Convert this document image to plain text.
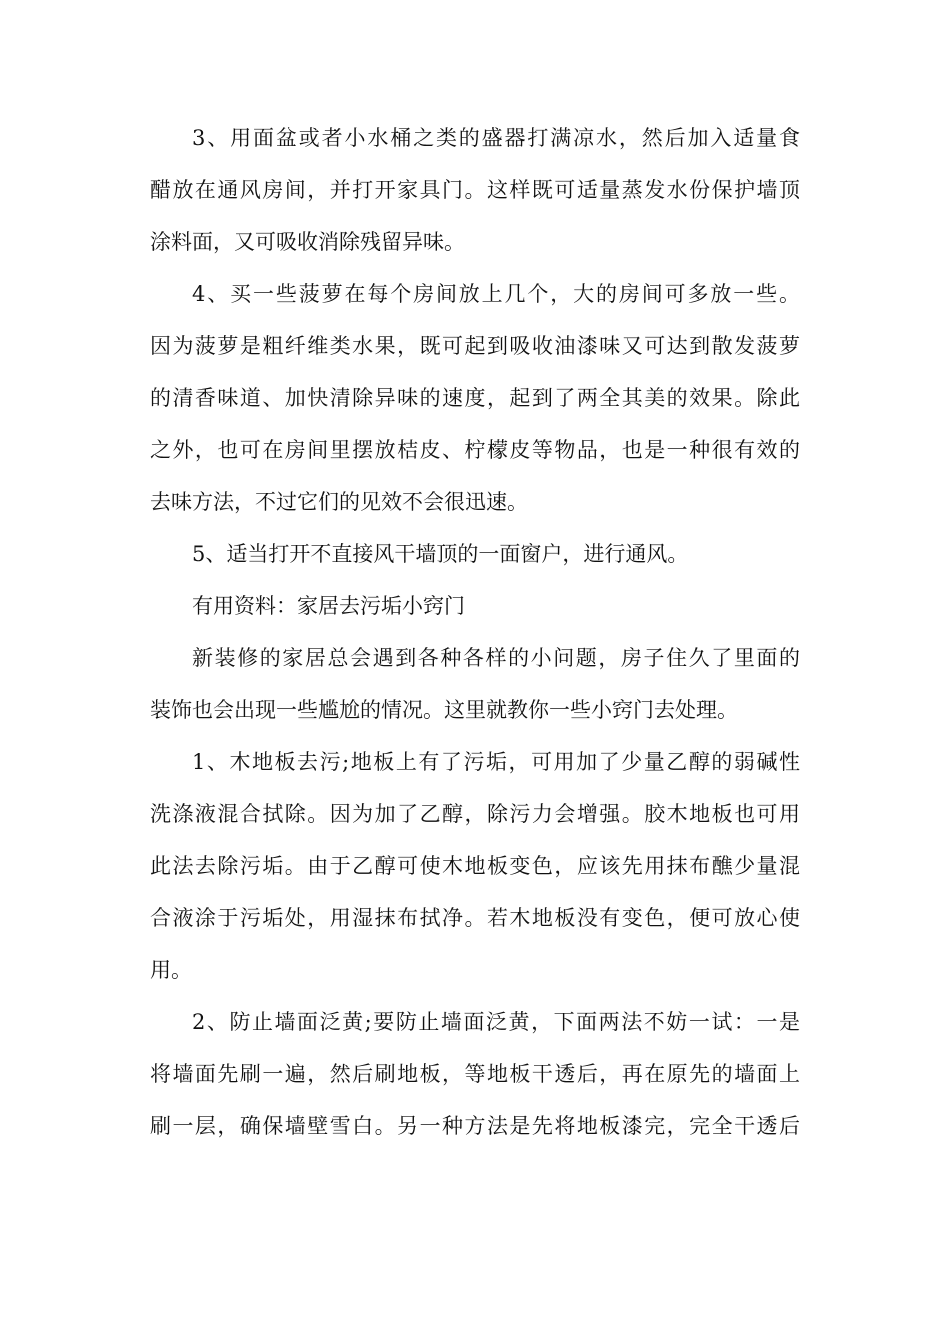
3、用面盆或者小水桶之类的盛器打满凉水，然后加入适量食
醋放在通风房间，并打开家具门。这样既可适量蒸发水份保护墙顶
涂料面，又可吸收消除残留异味。
4、买一些菠萝在每个房间放上几个，大的房间可多放一些。
因为菠萝是粗纤维类水果，既可起到吸收油漆味又可达到散发菠萝
的清香味道、加快清除异味的速度，起到了两全其美的效果。除此
之外，也可在房间里摆放桔皮、柠檬皮等物品，也是一种很有效的
去味方法，不过它们的见效不会很迅速。
5、适当打开不直接风干墙顶的一面窗户，进行通风。
有用资料：家居去污垢小窍门
新装修的家居总会遇到各种各样的小问题，房子住久了里面的
装饰也会出现一些尴尬的情况。这里就教你一些小窍门去处理。
1、木地板去污;地板上有了污垢，可用加了少量乙醇的弱碱性
洗涤液混合拭除。因为加了乙醇，除污力会增强。胶木地板也可用
此法去除污垢。由于乙醇可使木地板变色，应该先用抹布醮少量混
合液涂于污垢处，用湿抹布拭净。若木地板没有变色，便可放心使
用。
2、防止墙面泛黄;要防止墙面泛黄，下面两法不妨一试：一是
将墙面先刷一遍，然后刷地板，等地板干透后，再在原先的墙面上
刷一层，确保墙壁雪白。另一种方法是先将地板漆完，完全干透后
